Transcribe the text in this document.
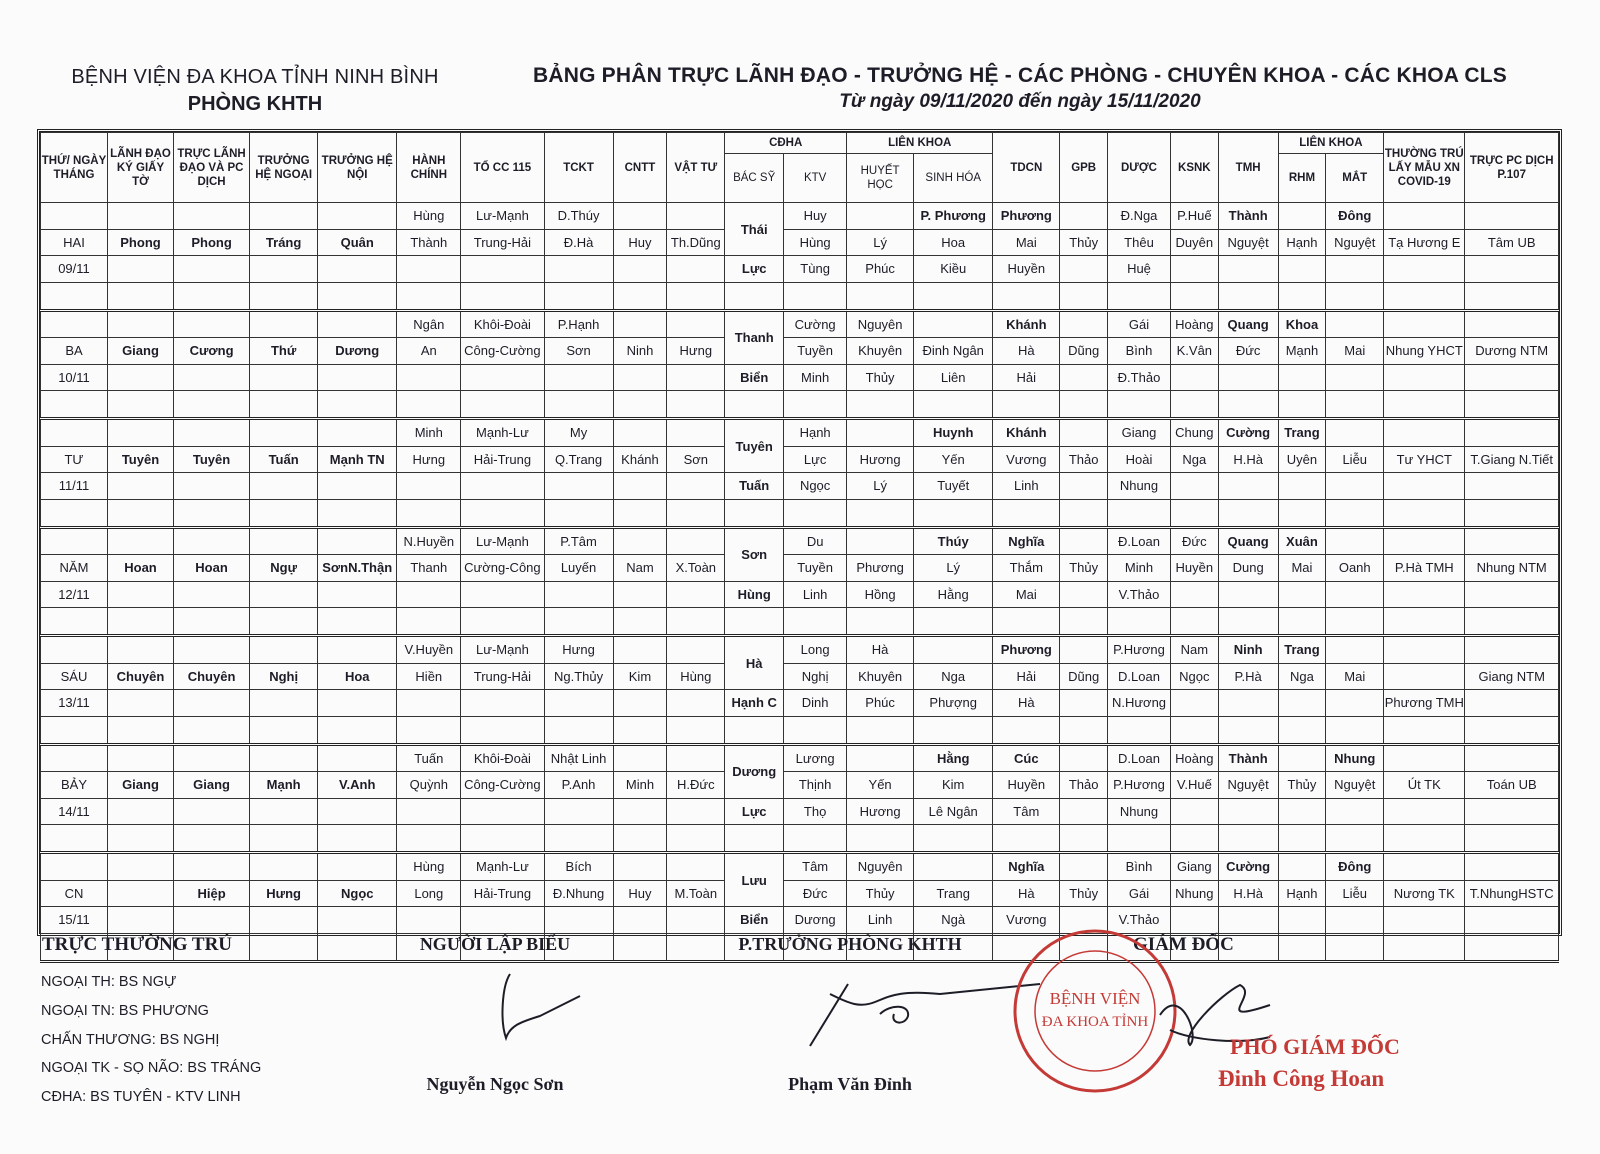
BỆNH VIỆN ĐA KHOA TỈNH NINH BÌNH
PHÒNG KHTH
BẢNG PHÂN TRỰC LÃNH ĐẠO - TRƯỞNG HỆ - CÁC PHÒNG - CHUYÊN KHOA - CÁC KHOA CLS
Từ ngày 09/11/2020 đến ngày 15/11/2020
THỨ/ NGÀY THÁNG	LÃNH ĐẠO KÝ GIẤY TỜ	TRỰC LÃNH ĐẠO VÀ PC DỊCH	TRƯỞNG HỆ NGOẠI	TRƯỞNG HỆ NỘI	HÀNH CHÍNH	TỔ CC 115	TCKT	CNTT	VẬT TƯ	CĐHA		LIÊN KHOA		TDCN	GPB	DƯỢC	KSNK	TMH	LIÊN KHOA		THƯỜNG TRÚ LẤY MẪU XN COVID-19	TRỰC PC DỊCH P.107
										BÁC SỸ	KTV	HUYẾT HỌC	SINH HÓA						RHM	MẮT		
					Hùng	Lư-Mạnh	D.Thúy			Thái	Huy		P. Phương	Phương		Đ.Nga	P.Huế	Thành		Đông		
HAI	Phong	Phong	Tráng	Quân	Thành	Trung-Hải	Đ.Hà	Huy	Th.Dũng		Hùng	Lý	Hoa	Mai	Thủy	Thêu	Duyên	Nguyệt	Hạnh	Nguyệt	Tạ Hương E	Tâm UB
09/11										Lực	Tùng	Phúc	Kiều	Huyền		Huệ						

					Ngân	Khôi-Đoài	P.Hạnh			Thanh	Cường	Nguyên		Khánh		Gái	Hoàng	Quang	Khoa			
BA	Giang	Cương	Thứ	Dương	An	Công-Cường	Sơn	Ninh	Hưng		Tuyền	Khuyên	Đinh Ngân	Hà	Dũng	Bình	K.Vân	Đức	Mạnh	Mai	Nhung YHCT	Dương NTM
10/11										Biển	Minh	Thủy	Liên	Hải		Đ.Thảo						

					Minh	Mạnh-Lư	My			Tuyên	Hạnh		Huynh	Khánh		Giang	Chung	Cường	Trang			
TƯ	Tuyên	Tuyên	Tuấn	Mạnh TN	Hưng	Hải-Trung	Q.Trang	Khánh	Sơn		Lực	Hương	Yến	Vương	Thảo	Hoài	Nga	H.Hà	Uyên	Liễu	Tư YHCT	T.Giang N.Tiết
11/11										Tuấn	Ngọc	Lý	Tuyết	Linh		Nhung						

					N.Huyền	Lư-Mạnh	P.Tâm			Sơn	Du		Thúy	Nghĩa		Đ.Loan	Đức	Quang	Xuân			
NĂM	Hoan	Hoan	Ngự	SơnN.Thận	Thanh	Cường-Công	Luyến	Nam	X.Toàn		Tuyền	Phương	Lý	Thắm	Thủy	Minh	Huyền	Dung	Mai	Oanh	P.Hà TMH	Nhung NTM
12/11										Hùng	Linh	Hồng	Hằng	Mai		V.Thảo						

					V.Huyền	Lư-Mạnh	Hưng			Hà	Long	Hà		Phương		P.Hương	Nam	Ninh	Trang			
SÁU	Chuyên	Chuyên	Nghị	Hoa	Hiền	Trung-Hải	Ng.Thủy	Kim	Hùng		Nghị	Khuyên	Nga	Hải	Dũng	D.Loan	Ngọc	P.Hà	Nga	Mai		Giang NTM
13/11										Hạnh C	Dinh	Phúc	Phượng	Hà		N.Hương					Phương TMH	

					Tuấn	Khôi-Đoài	Nhật Linh			Dương	Lương		Hằng	Cúc		D.Loan	Hoàng	Thành		Nhung		
BẢY	Giang	Giang	Mạnh	V.Anh	Quỳnh	Công-Cường	P.Anh	Minh	H.Đức		Thịnh	Yến	Kim	Huyền	Thảo	P.Hương	V.Huế	Nguyệt	Thủy	Nguyệt	Út TK	Toán UB
14/11										Lực	Thọ	Hương	Lê Ngân	Tâm		Nhung						

					Hùng	Mạnh-Lư	Bích			Lưu	Tâm	Nguyên		Nghĩa		Bình	Giang	Cường		Đông		
CN		Hiệp	Hưng	Ngọc	Long	Hải-Trung	Đ.Nhung	Huy	M.Toàn		Đức	Thủy	Trang	Hà	Thủy	Gái	Nhung	H.Hà	Hạnh	Liễu	Nương TK	T.NhungHSTC
15/11										Biển	Dương	Linh	Ngà	Vương		V.Thảo						

TRỰC THƯỜNG TRÚ
NGOẠI TH: BS NGỰ
NGOẠI TN: BS PHƯƠNG
CHẤN THƯƠNG: BS NGHỊ
NGOẠI TK - SỌ NÃO: BS TRÁNG
CĐHA: BS TUYÊN - KTV LINH
NGƯỜI LẬP BIỂU
Nguyễn Ngọc Sơn
P.TRƯỞNG PHÒNG KHTH
Phạm Văn Đỉnh
GIÁM ĐỐC
BỆNH VIỆN
ĐA KHOA TỈNH
PHÓ GIÁM ĐỐC
Đinh Công Hoan
